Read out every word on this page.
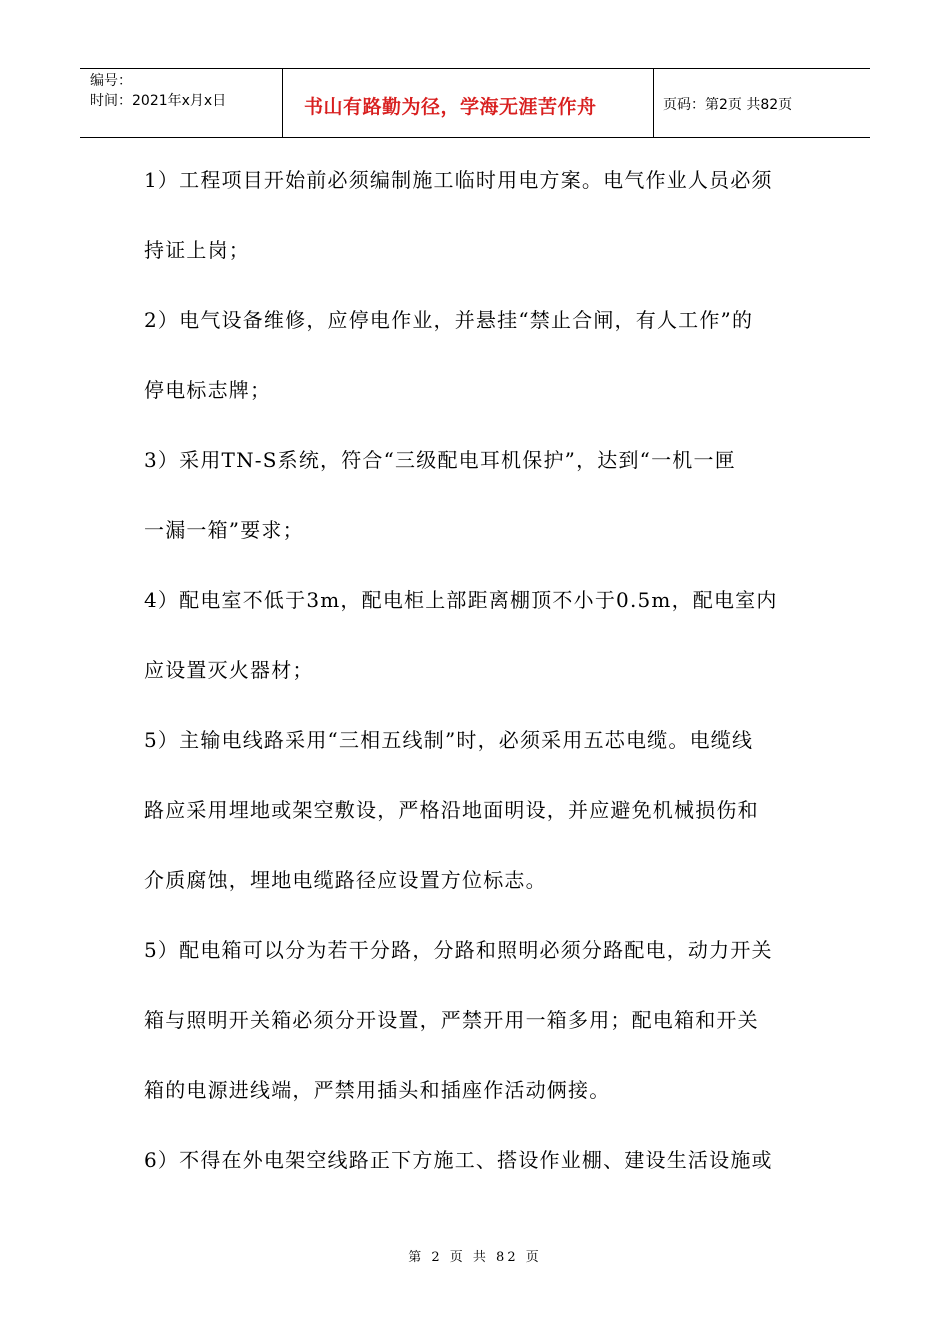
编号：
时间：2021年x月x日	书山有路勤为径，学海无涯苦作舟	页码：第2页 共82页
1）工程项目开始前必须编制施工临时用电方案。电气作业人员必须
持证上岗；
2）电气设备维修，应停电作业，并悬挂“禁止合闸，有人工作”的
停电标志牌；
3）采用TN-S系统，符合“三级配电耳机保护”，达到“一机一匣
一漏一箱”要求；
4）配电室不低于3m，配电柜上部距离棚顶不小于0.5m，配电室内
应设置灭火器材；
5）主输电线路采用“三相五线制”时，必须采用五芯电缆。电缆线
路应采用埋地或架空敷设，严格沿地面明设，并应避免机械损伤和
介质腐蚀，埋地电缆路径应设置方位标志。
5）配电箱可以分为若干分路，分路和照明必须分路配电，动力开关
箱与照明开关箱必须分开设置，严禁开用一箱多用；配电箱和开关
箱的电源进线端，严禁用插头和插座作活动俩接。
6）不得在外电架空线路正下方施工、搭设作业棚、建设生活设施或
第 2 页 共 82 页
